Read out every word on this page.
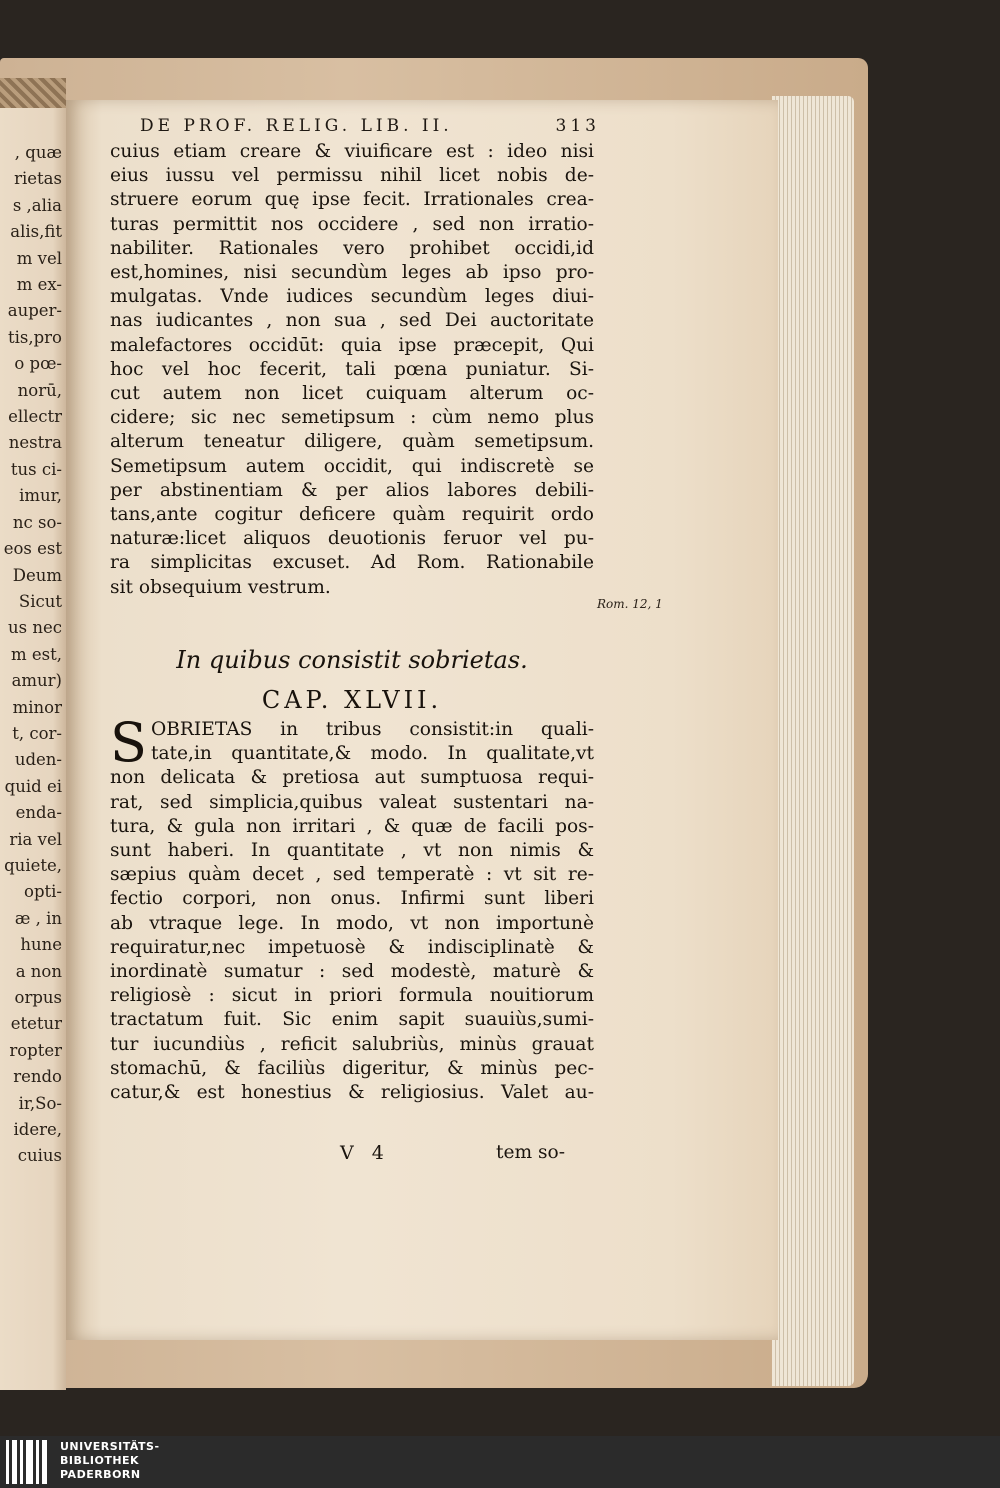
, quæ
rietas
s ,alia
alis,fit
m vel
m ex-
auper-
tis,pro
o pœ-
norū,
ellectr
nestra
tus ci-
imur,
nc so-
eos est
Deum
Sicut
us nec
m est,
amur)
minor
t, cor-
uden-
quid ei
enda-
ria vel
quiete,
opti-
æ , in
hune
a non
orpus
etetur
ropter
rendo
ir,So-
idere,
cuius
DE PROF. RELIG. LIB. II.	313
cuius etiam creare & viuificare est : ideo nisi
eius iussu vel permissu nihil licet nobis de-
struere eorum quę ipse fecit. Irrationales crea-
turas permittit nos occidere , sed non irratio-
nabiliter. Rationales vero prohibet occidi,id
est,homines, nisi secundùm leges ab ipso pro-
mulgatas. Vnde iudices secundùm leges diui-
nas iudicantes , non sua , sed Dei auctoritate
malefactores occidūt: quia ipse præcepit, Qui
hoc vel hoc fecerit, tali pœna puniatur. Si-
cut autem non licet cuiquam alterum oc-
cidere; sic nec semetipsum : cùm nemo plus
alterum teneatur diligere, quàm semetipsum.
Semetipsum autem occidit, qui indiscretè se
per abstinentiam & per alios labores debili-
tans,ante cogitur deficere quàm requirit ordo
naturæ:licet aliquos deuotionis feruor vel pu-
ra simplicitas excuset. Ad Rom. Rationabile
sit obsequium vestrum.
Rom. 12, 1
In quibus consistit sobrietas.
CAP. XLVII.
S OBRIETAS in tribus consistit:in quali-
tate,in quantitate,& modo. In qualitate,vt
non delicata & pretiosa aut sumptuosa requi-
rat, sed simplicia,quibus valeat sustentari na-
tura, & gula non irritari , & quæ de facili pos-
sunt haberi. In quantitate , vt non nimis &
sæpius quàm decet , sed temperatè : vt sit re-
fectio corpori, non onus. Infirmi sunt liberi
ab vtraque lege. In modo, vt non importunè
requiratur,nec impetuosè & indisciplinatè &
inordinatè sumatur : sed modestè, maturè &
religiosè : sicut in priori formula nouitiorum
tractatum fuit. Sic enim sapit suauiùs,sumi-
tur iucundiùs , reficit salubriùs, minùs grauat
stomachū, & faciliùs digeritur, & minùs pec-
catur,& est honestius & religiosius. Valet au-
V 4	tem so-
UNIVERSITÄTS-
BIBLIOTHEK
PADERBORN
